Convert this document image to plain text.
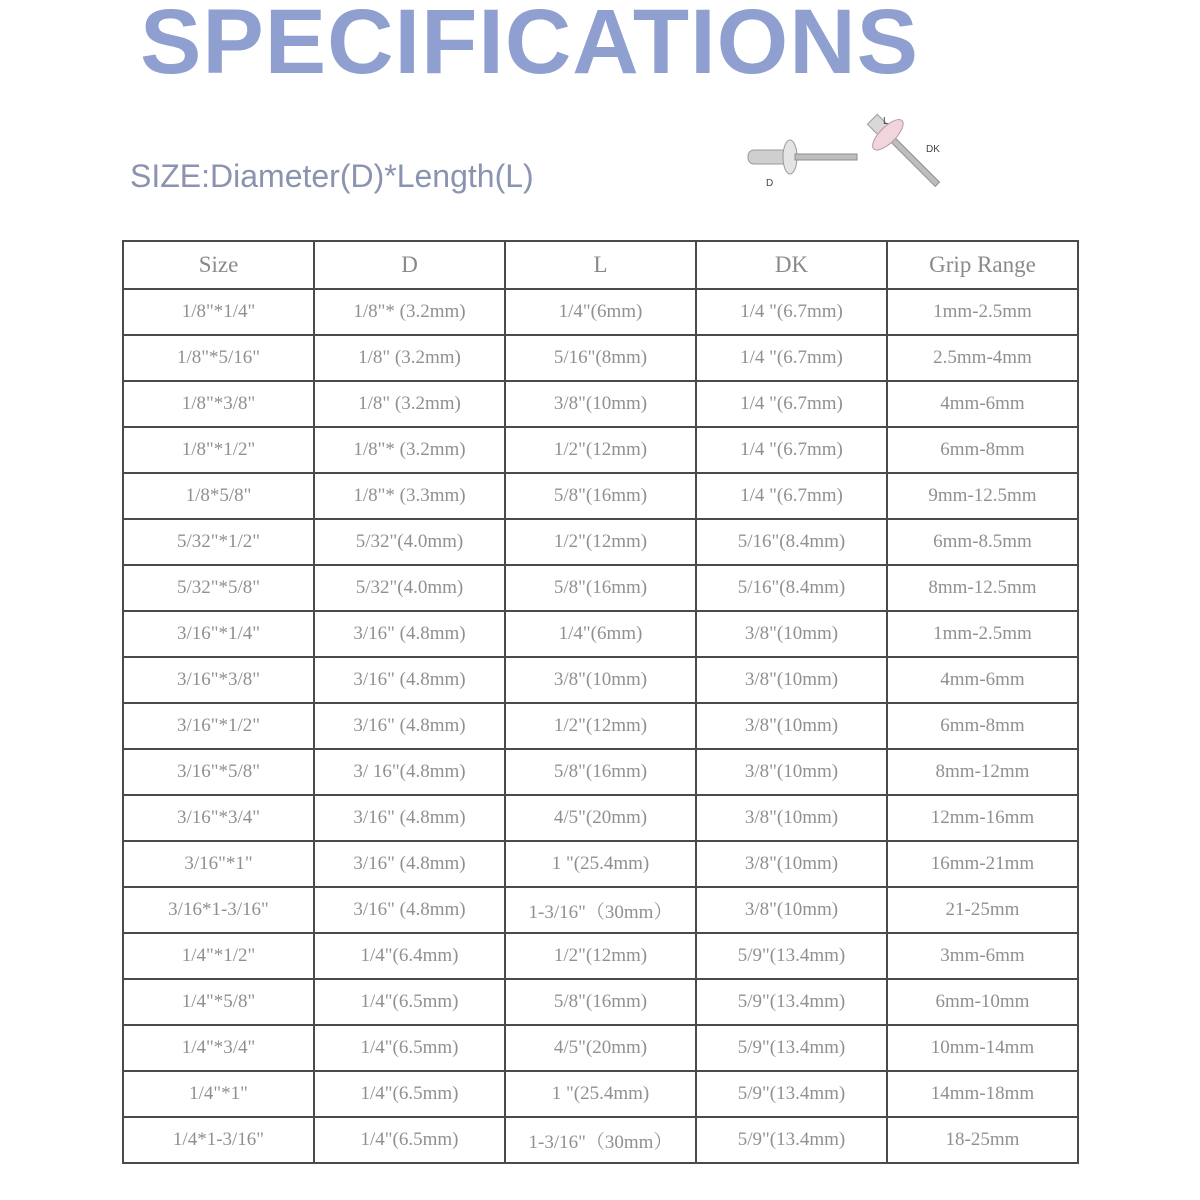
SPECIFICATIONS
SIZE:Diameter(D)*Length(L)	D
L
DK
Size	D	L	DK	Grip Range
1/8"*1/4"	1/8"* (3.2mm)	1/4"(6mm)	1/4 "(6.7mm)	1mm-2.5mm
1/8"*5/16"	1/8" (3.2mm)	5/16"(8mm)	1/4 "(6.7mm)	2.5mm-4mm
1/8"*3/8"	1/8" (3.2mm)	3/8"(10mm)	1/4 "(6.7mm)	4mm-6mm
1/8"*1/2"	1/8"* (3.2mm)	1/2"(12mm)	1/4 "(6.7mm)	6mm-8mm
1/8*5/8"	1/8"* (3.3mm)	5/8"(16mm)	1/4 "(6.7mm)	9mm-12.5mm
5/32"*1/2"	5/32"(4.0mm)	1/2"(12mm)	5/16"(8.4mm)	6mm-8.5mm
5/32"*5/8"	5/32"(4.0mm)	5/8"(16mm)	5/16"(8.4mm)	8mm-12.5mm
3/16"*1/4"	3/16" (4.8mm)	1/4"(6mm)	3/8"(10mm)	1mm-2.5mm
3/16"*3/8"	3/16" (4.8mm)	3/8"(10mm)	3/8"(10mm)	4mm-6mm
3/16"*1/2"	3/16" (4.8mm)	1/2"(12mm)	3/8"(10mm)	6mm-8mm
3/16"*5/8"	3/ 16"(4.8mm)	5/8"(16mm)	3/8"(10mm)	8mm-12mm
3/16"*3/4"	3/16" (4.8mm)	4/5"(20mm)	3/8"(10mm)	12mm-16mm
3/16"*1"	3/16" (4.8mm)	1 "(25.4mm)	3/8"(10mm)	16mm-21mm
3/16*1-3/16"	3/16" (4.8mm)	1-3/16"（30mm）	3/8"(10mm)	21-25mm
1/4"*1/2"	1/4"(6.4mm)	1/2"(12mm)	5/9"(13.4mm)	3mm-6mm
1/4"*5/8"	1/4"(6.5mm)	5/8"(16mm)	5/9"(13.4mm)	6mm-10mm
1/4"*3/4"	1/4"(6.5mm)	4/5"(20mm)	5/9"(13.4mm)	10mm-14mm
1/4"*1"	1/4"(6.5mm)	1 "(25.4mm)	5/9"(13.4mm)	14mm-18mm
1/4*1-3/16"	1/4"(6.5mm)	1-3/16"（30mm）	5/9"(13.4mm)	18-25mm
